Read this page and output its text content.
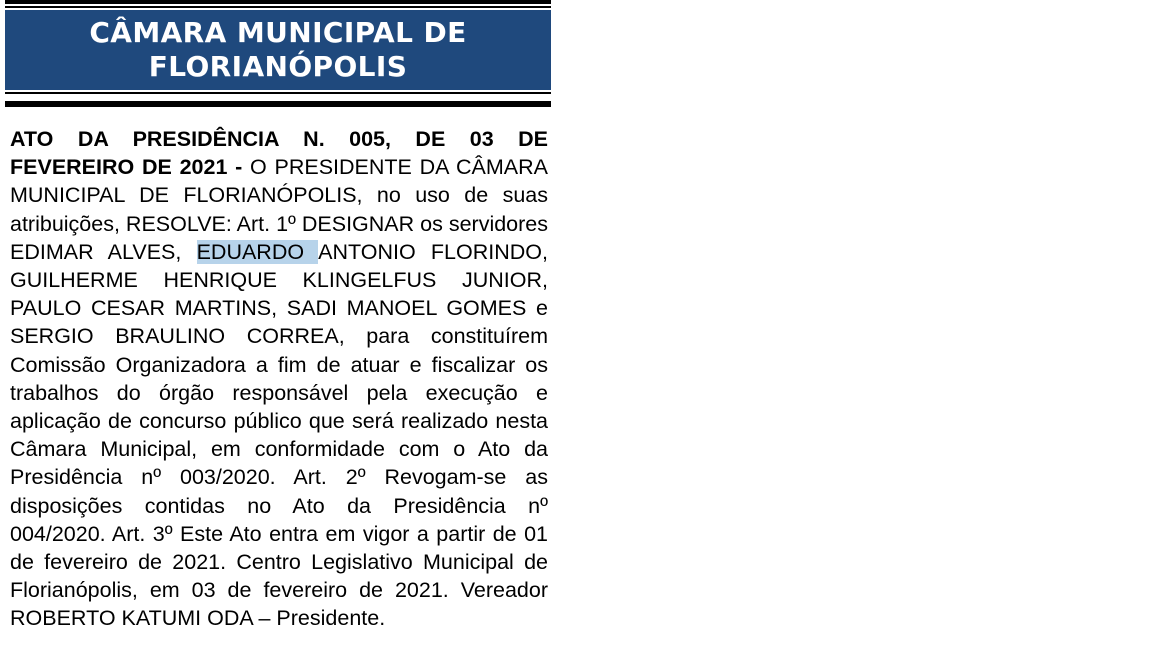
CÂMARA MUNICIPAL DE
FLORIANÓPOLIS
ATO DA PRESIDÊNCIA N. 005, DE 03 DE FEVEREIRO DE 2021 - O PRESIDENTE DA CÂMARA MUNICIPAL DE FLORIANÓPOLIS, no uso de suas atribuições, RESOLVE: Art. 1º DESIGNAR os servidores EDIMAR ALVES, EDUARDO ANTONIO FLORINDO, GUILHERME HENRIQUE KLINGELFUS JUNIOR, PAULO CESAR MARTINS, SADI MANOEL GOMES e SERGIO BRAULINO CORREA, para constituírem Comissão Organizadora a fim de atuar e fiscalizar os trabalhos do órgão responsável pela execução e aplicação de concurso público que será realizado nesta Câmara Municipal, em conformidade com o Ato da Presidência nº 003/2020. Art. 2º Revogam-se as disposições contidas no Ato da Presidência nº 004/2020. Art. 3º Este Ato entra em vigor a partir de 01 de fevereiro de 2021. Centro Legislativo Municipal de Florianópolis, em 03 de fevereiro de 2021. Vereador ROBERTO KATUMI ODA – Presidente.
